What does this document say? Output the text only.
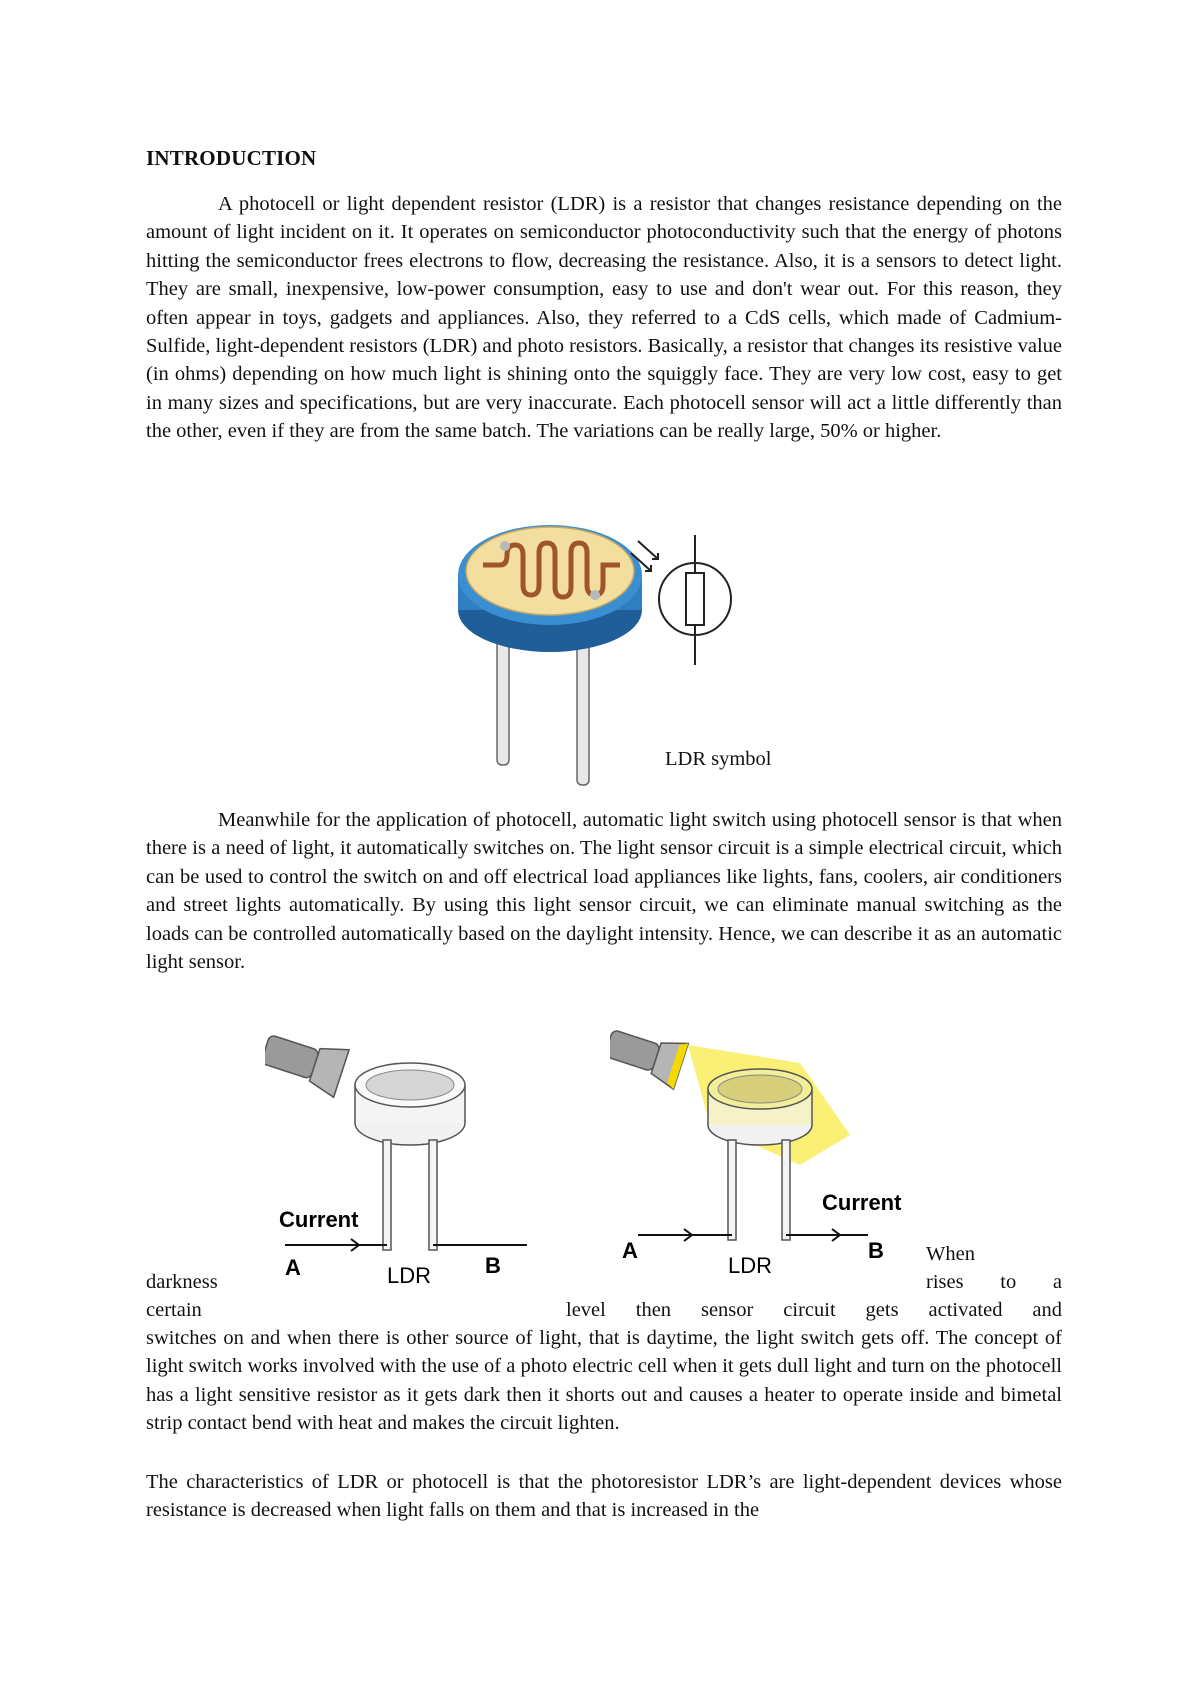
INTRODUCTION
A photocell or light dependent resistor (LDR) is a resistor that changes resistance depending on the amount of light incident on it. It operates on semiconductor photoconductivity such that the energy of photons hitting the semiconductor frees electrons to flow, decreasing the resistance. Also, it is a sensors to detect light. They are small, inexpensive, low-power consumption, easy to use and don't wear out. For this reason, they often appear in toys, gadgets and appliances. Also, they referred to a CdS cells, which made of Cadmium-Sulfide, light-dependent resistors (LDR) and photo resistors. Basically, a resistor that changes its resistive value (in ohms) depending on how much light is shining onto the squiggly face. They are very low cost, easy to get in many sizes and specifications, but are very inaccurate. Each photocell sensor will act a little differently than the other, even if they are from the same batch. The variations can be really large, 50% or higher.
LDR symbol
Meanwhile for the application of photocell, automatic light switch using photocell sensor is that when there is a need of light, it automatically switches on. The light sensor circuit is a simple electrical circuit, which can be used to control the switch on and off electrical load appliances like lights, fans, coolers, air conditioners and street lights automatically. By using this light sensor circuit, we can eliminate manual switching as the loads can be controlled automatically based on the daylight intensity. Hence, we can describe it as an automatic light sensor.
Current
A	B
LDR
Current
A	B
LDR	When
darkness	rises to a
certain	level then sensor circuit gets activated and
switches on and when there is other source of light, that is daytime, the light switch gets off. The concept of light switch works involved with the use of a photo electric cell when it gets dull light and turn on the photocell has a light sensitive resistor as it gets dark then it shorts out and causes a heater to operate inside and bimetal strip contact bend with heat and makes the circuit lighten.
The characteristics of LDR or photocell is that the photoresistor LDR’s are light-dependent devices whose resistance is decreased when light falls on them and that is increased in the
